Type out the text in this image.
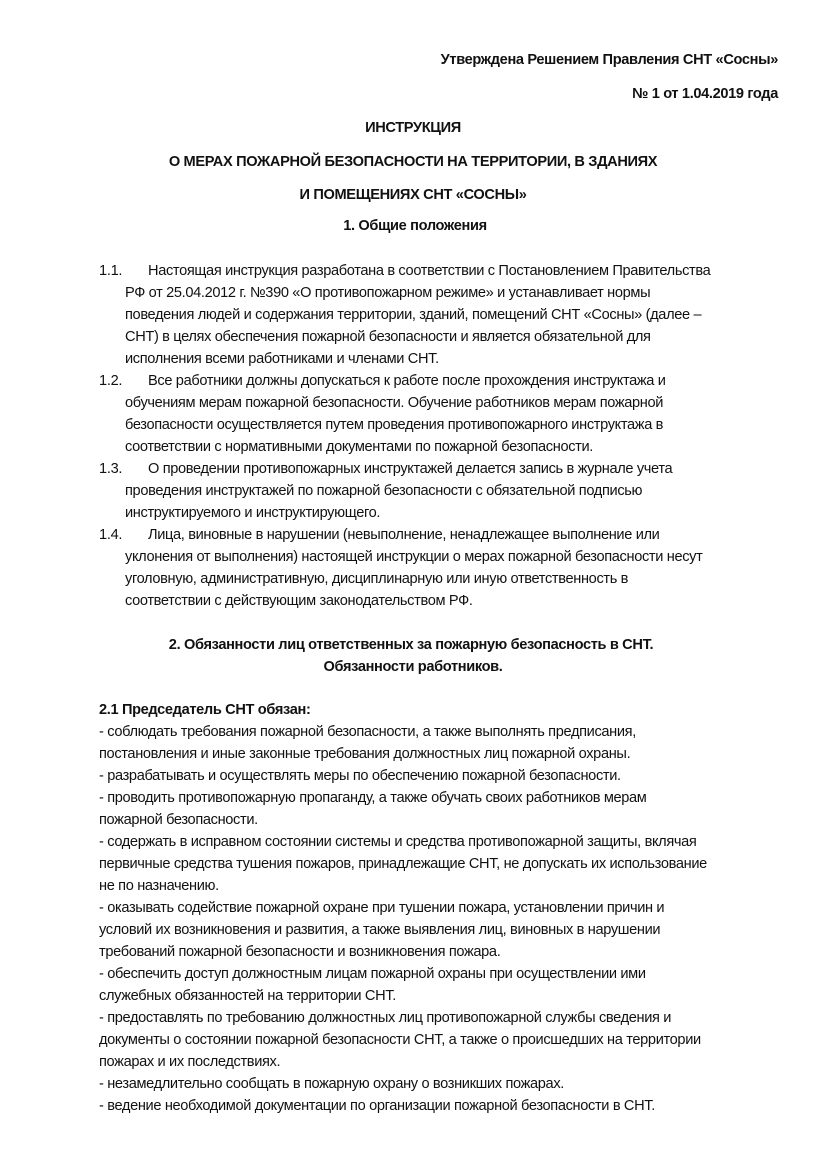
Утверждена Решением Правления СНТ «Сосны»
№ 1 от 1.04.2019 года
ИНСТРУКЦИЯ
О МЕРАХ ПОЖАРНОЙ БЕЗОПАСНОСТИ НА ТЕРРИТОРИИ, В ЗДАНИЯХ
И ПОМЕЩЕНИЯХ СНТ «СОСНЫ»
1. Общие положения
1.1. Настоящая инструкция разработана в соответствии с Постановлением Правительства
РФ от 25.04.2012 г. №390 «О противопожарном режиме» и устанавливает нормы
поведения людей и содержания территории, зданий, помещений СНТ «Сосны» (далее –
СНТ) в целях обеспечения пожарной безопасности и является обязательной для
исполнения всеми работниками и членами СНТ.
1.2. Все работники должны допускаться к работе после прохождения инструктажа и
обучениям мерам пожарной безопасности. Обучение работников мерам пожарной
безопасности осуществляется путем проведения противопожарного инструктажа в
соответствии с нормативными документами по пожарной безопасности.
1.3. О проведении противопожарных инструктажей делается запись в журнале учета
проведения инструктажей по пожарной безопасности с обязательной подписью
инструктируемого и инструктирующего.
1.4. Лица, виновные в нарушении (невыполнение, ненадлежащее выполнение или
уклонения от выполнения) настоящей инструкции о мерах пожарной безопасности несут
уголовную, административную, дисциплинарную или иную ответственность в
соответствии с действующим законодательством РФ.
2. Обязанности лиц ответственных за пожарную безопасность в СНТ.
Обязанности работников.
2.1 Председатель СНТ обязан:
- соблюдать требования пожарной безопасности, а также выполнять предписания,
постановления и иные законные требования должностных лиц пожарной охраны.
- разрабатывать и осуществлять меры по обеспечению пожарной безопасности.
- проводить противопожарную пропаганду, а также обучать своих работников мерам
пожарной безопасности.
- содержать в исправном состоянии системы и средства противопожарной защиты, вклячая
первичные средства тушения пожаров, принадлежащие СНТ, не допускать их использование
не по назначению.
- оказывать содействие пожарной охране при тушении пожара, установлении причин и
условий их возникновения и развития, а также выявления лиц, виновных в нарушении
требований пожарной безопасности и возникновения пожара.
- обеспечить доступ должностным лицам пожарной охраны при осуществлении ими
служебных обязанностей на территории СНТ.
- предоставлять по требованию должностных лиц противопожарной службы сведения и
документы о состоянии пожарной безопасности СНТ, а также о происшедших на территории
пожарах и их последствиях.
- незамедлительно сообщать в пожарную охрану о возникших пожарах.
- ведение необходимой документации по организации пожарной безопасности в СНТ.
